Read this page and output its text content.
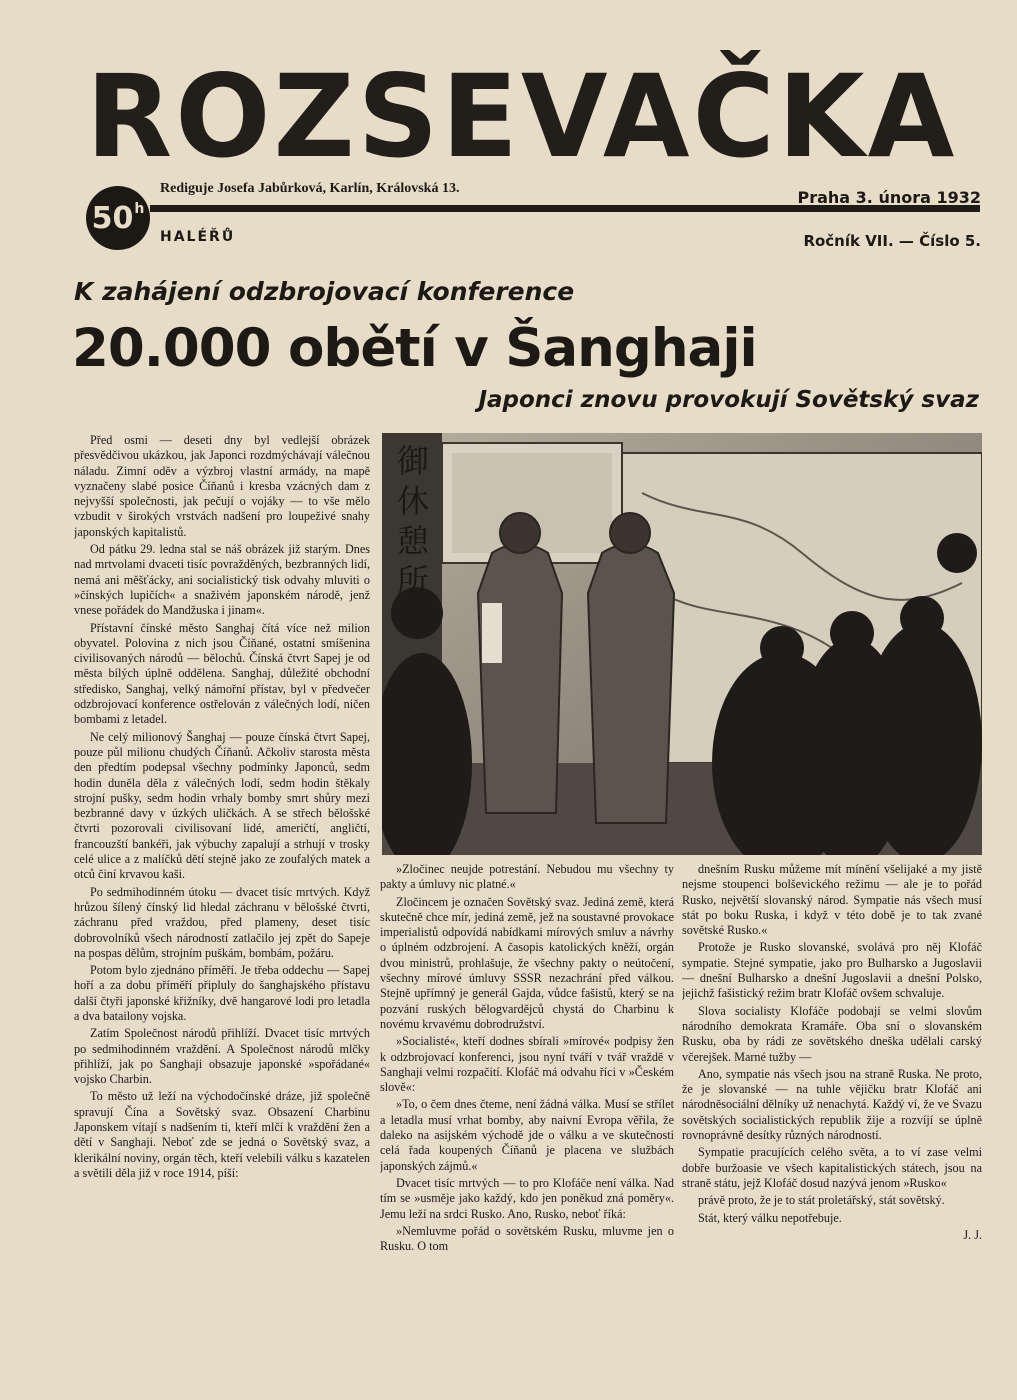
ROZSEVAČKA
50 h
Rediguje Josefa Jabůrková, Karlín, Královská 13.
HALÉŘŮ
Praha 3. února 1932
Ročník VII. — Číslo 5.
K zahájení odzbrojovací konference
20.000 obětí v Šanghaji
Japonci znovu provokují Sovětský svaz

Před osmi — deseti dny byl vedlejší obrázek přesvědčivou ukázkou, jak Japonci rozdmýchávají válečnou náladu. Zimní oděv a výzbroj vlastní armády, na mapě vyznačeny slabé posice Číňanů i kresba vzácných dam z nejvyšší společnosti, jak pečují o vojáky — to vše mělo vzbudit v širokých vrstvách nadšení pro loupeživé snahy japonských kapitalistů.

Od pátku 29. ledna stal se náš obrázek již starým. Dnes nad mrtvolami dvaceti tisíc povražděných, bezbranných lidí, nemá ani měšťácky, ani socialistický tisk odvahy mluviti o »čínských lupičích« a snaživém japonském národě, jenž vnese pořádek do Mandžuska i jinam«.

Přístavní čínské město Sanghaj čítá více než milion obyvatel. Polovina z nich jsou Číňané, ostatní smíšenina civilisovaných národů — bělochů. Čínská čtvrt Sapej je od města bílých úplně oddělena. Sanghaj, důležité obchodní středisko, Sanghaj, velký námořní přístav, byl v předvečer odzbrojovací konference ostřelován z válečných lodí, ničen bombami z letadel.

Ne celý milionový Šanghaj — pouze čínská čtvrt Sapej, pouze půl milionu chudých Číňanů. Ačkoliv starosta města den předtím podepsal všechny podmínky Japonců, sedm hodin duněla děla z válečných lodí, sedm hodin štěkaly strojní pušky, sedm hodin vrhaly bomby smrt shůry mezi bezbranné davy v úzkých uličkách. A se střech bělošské čtvrti pozorovali civilisovaní lidé, američtí, angličtí, francouzští bankéři, jak výbuchy zapalují a strhují v trosky celé ulice a z malíčků dětí stejně jako ze zoufalých matek a otců činí krvavou kaši.

Po sedmihodinném útoku — dvacet tisíc mrtvých. Když hrůzou šílený čínský lid hledal záchranu v bělošské čtvrti, záchranu před vraždou, před plameny, deset tisíc dobrovolníků všech národností zatlačilo jej zpět do Sapeje na pospas dělům, strojním puškám, bombám, požáru.

Potom bylo zjednáno příměří. Je třeba oddechu — Sapej hoří a za dobu příměří připluly do šanghajského přístavu další čtyři japonské křižníky, dvě hangarové lodi pro letadla a dva batailony vojska.

Zatím Společnost národů přihlíží. Dvacet tisíc mrtvých po sedmihodinném vraždění. A Společnost národů mlčky přihlíží, jak po Sanghaji obsazuje japonské »spořádané« vojsko Charbin.

To město už leží na východočínské dráze, již společně spravují Čína a Sovětský svaz. Obsazení Charbinu Japonskem vítají s nadšením ti, kteří mlčí k vraždění žen a dětí v Sanghaji. Neboť zde se jedná o Sovětský svaz, a klerikální noviny, orgán těch, kteří velebili válku s kazatelen a světili děla již v roce 1914, píší:

御
休
憩
所

»Zločinec neujde potrestání. Nebudou mu všechny ty pakty a úmluvy nic platné.«

Zločincem je označen Sovětský svaz. Jediná země, která skutečně chce mír, jediná země, jež na soustavné provokace imperialistů odpovídá nabídkami mírových smluv a návrhy o úplném odzbrojení. A časopis katolických kněží, orgán dvou ministrů, prohlašuje, že všechny pakty o neútočení, všechny mírové úmluvy SSSR nezachrání před válkou. Stejně upřímný je generál Gajda, vůdce fašistů, který se na pozvání ruských bělogvardějců chystá do Charbinu k novému krvavému dobrodružství.

»Socialisté«, kteří dodnes sbírali »mírové« podpisy žen k odzbrojovací konferenci, jsou nyní tváří v tvář vraždě v Sanghaji velmi rozpačití. Klofáč má odvahu říci v »Českém slově«:

»To, o čem dnes čteme, není žádná válka. Musí se střílet a letadla musí vrhat bomby, aby naivní Evropa věřila, že daleko na asijském východě jde o válku a ve skutečnosti celá řada koupených Číňanů je placena ve službách japonských zájmů.«

Dvacet tisíc mrtvých — to pro Klofáče není válka. Nad tím se »usměje jako každý, kdo jen poněkud zná poměry«. Jemu leží na srdci Rusko. Ano, Rusko, neboť říká:

»Nemluvme pořád o sovětském Rusku, mluvme jen o Rusku. O tom

dnešním Rusku můžeme mít mínění všelijaké a my jistě nejsme stoupenci bolševického režimu — ale je to pořád Rusko, největší slovanský národ. Sympatie nás všech musí stát po boku Ruska, i když v této době je to tak zvané sovětské Rusko.«

Protože je Rusko slovanské, svolává pro něj Klofáč sympatie. Stejné sympatie, jako pro Bulharsko a Jugoslavii — dnešní Bulharsko a dnešní Jugoslavii a dnešní Polsko, jejichž fašistický režim bratr Klofáč ovšem schvaluje.

Slova socialisty Klofáče podobají se velmi slovům národního demokrata Kramáře. Oba sní o slovanském Rusku, oba by rádi ze sovětského dneška udělali carský včerejšek. Marné tužby —

Ano, sympatie nás všech jsou na straně Ruska. Ne proto, že je slovanské — na tuhle vějičku bratr Klofáč ani národněsociální dělníky už nenachytá. Každý ví, že ve Svazu sovětských socialistických republik žije a rozvíjí se úplně rovnoprávně desítky různých národností.

Sympatie pracujících celého světa, a to ví zase velmi dobře buržoasie ve všech kapitalistických státech, jsou na straně státu, jejž Klofáč dosud nazývá jenom »Rusko«

právě proto, že je to stát proletářský, stát sovětský.

Stát, který válku nepotřebuje.

J. J.
